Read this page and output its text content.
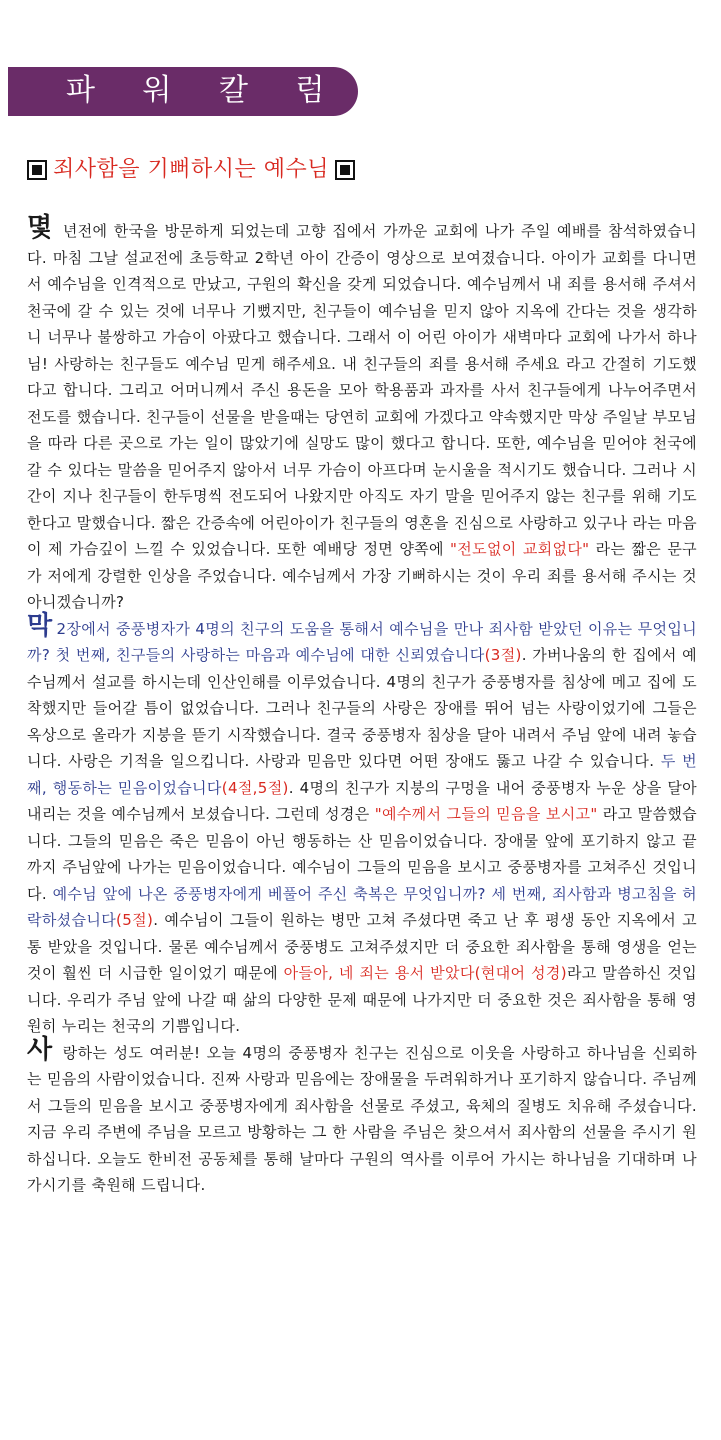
파 워 칼 럼
죄사함을 기뻐하시는 예수님

몇 년전에 한국을 방문하게 되었는데 고향 집에서 가까운 교회에 나가 주일 예배를 참석하였습니다. 마침 그날 설교전에 초등학교 2학년 아이 간증이 영상으로 보여졌습니다. 아이가 교회를 다니면서 예수님을 인격적으로 만났고, 구원의 확신을 갖게 되었습니다. 예수님께서 내 죄를 용서해 주셔서 천국에 갈 수 있는 것에 너무나 기뻤지만, 친구들이 예수님을 믿지 않아 지옥에 간다는 것을 생각하니 너무나 불쌍하고 가슴이 아팠다고 했습니다. 그래서 이 어린 아이가 새벽마다 교회에 나가서 하나님! 사랑하는 친구들도 예수님 믿게 해주세요. 내 친구들의 죄를 용서해 주세요 라고 간절히 기도했다고 합니다. 그리고 어머니께서 주신 용돈을 모아 학용품과 과자를 사서 친구들에게 나누어주면서 전도를 했습니다. 친구들이 선물을 받을때는 당연히 교회에 가겠다고 약속했지만 막상 주일날 부모님을 따라 다른 곳으로 가는 일이 많았기에 실망도 많이 했다고 합니다. 또한, 예수님을 믿어야 천국에 갈 수 있다는 말씀을 믿어주지 않아서 너무 가슴이 아프다며 눈시울을 적시기도 했습니다. 그러나 시간이 지나 친구들이 한두명씩 전도되어 나왔지만 아직도 자기 말을 믿어주지 않는 친구를 위해 기도한다고 말했습니다. 짧은 간증속에 어린아이가 친구들의 영혼을 진심으로 사랑하고 있구나 라는 마음이 제 가슴깊이 느낄 수 있었습니다. 또한 예배당 정면 양쪽에 "전도없이 교회없다" 라는 짧은 문구가 저에게 강렬한 인상을 주었습니다. 예수님께서 가장 기뻐하시는 것이 우리 죄를 용서해 주시는 것 아니겠습니까?

막 2장에서 중풍병자가 4명의 친구의 도움을 통해서 예수님을 만나 죄사함 받았던 이유는 무엇입니까? 첫 번째, 친구들의 사랑하는 마음과 예수님에 대한 신뢰였습니다(3절). 가버나움의 한 집에서 예수님께서 설교를 하시는데 인산인해를 이루었습니다. 4명의 친구가 중풍병자를 침상에 메고 집에 도착했지만 들어갈 틈이 없었습니다. 그러나 친구들의 사랑은 장애를 뛰어 넘는 사랑이었기에 그들은 옥상으로 올라가 지붕을 뜯기 시작했습니다. 결국 중풍병자 침상을 달아 내려서 주님 앞에 내려 놓습니다. 사랑은 기적을 일으킵니다. 사랑과 믿음만 있다면 어떤 장애도 뚫고 나갈 수 있습니다. 두 번째, 행동하는 믿음이었습니다(4절,5절). 4명의 친구가 지붕의 구멍을 내어 중풍병자 누운 상을 달아 내리는 것을 예수님께서 보셨습니다. 그런데 성경은 "예수께서 그들의 믿음을 보시고" 라고 말씀했습니다. 그들의 믿음은 죽은 믿음이 아닌 행동하는 산 믿음이었습니다. 장애물 앞에 포기하지 않고 끝까지 주님앞에 나가는 믿음이었습니다. 예수님이 그들의 믿음을 보시고 중풍병자를 고쳐주신 것입니다. 예수님 앞에 나온 중풍병자에게 베풀어 주신 축복은 무엇입니까? 세 번째, 죄사함과 병고침을 허락하셨습니다(5절). 예수님이 그들이 원하는 병만 고쳐 주셨다면 죽고 난 후 평생 동안 지옥에서 고통 받았을 것입니다. 물론 예수님께서 중풍병도 고쳐주셨지만 더 중요한 죄사함을 통해 영생을 얻는 것이 훨씬 더 시급한 일이었기 때문에 아들아, 네 죄는 용서 받았다(현대어 성경)라고 말씀하신 것입니다. 우리가 주님 앞에 나갈 때 삶의 다양한 문제 때문에 나가지만 더 중요한 것은 죄사함을 통해 영원히 누리는 천국의 기쁨입니다.

사 랑하는 성도 여러분! 오늘 4명의 중풍병자 친구는 진심으로 이웃을 사랑하고 하나님을 신뢰하는 믿음의 사람이었습니다. 진짜 사랑과 믿음에는 장애물을 두려워하거나 포기하지 않습니다. 주님께서 그들의 믿음을 보시고 중풍병자에게 죄사함을 선물로 주셨고, 육체의 질병도 치유해 주셨습니다. 지금 우리 주변에 주님을 모르고 방황하는 그 한 사람을 주님은 찾으셔서 죄사함의 선물을 주시기 원하십니다. 오늘도 한비전 공동체를 통해 날마다 구원의 역사를 이루어 가시는 하나님을 기대하며 나가시기를 축원해 드립니다.
